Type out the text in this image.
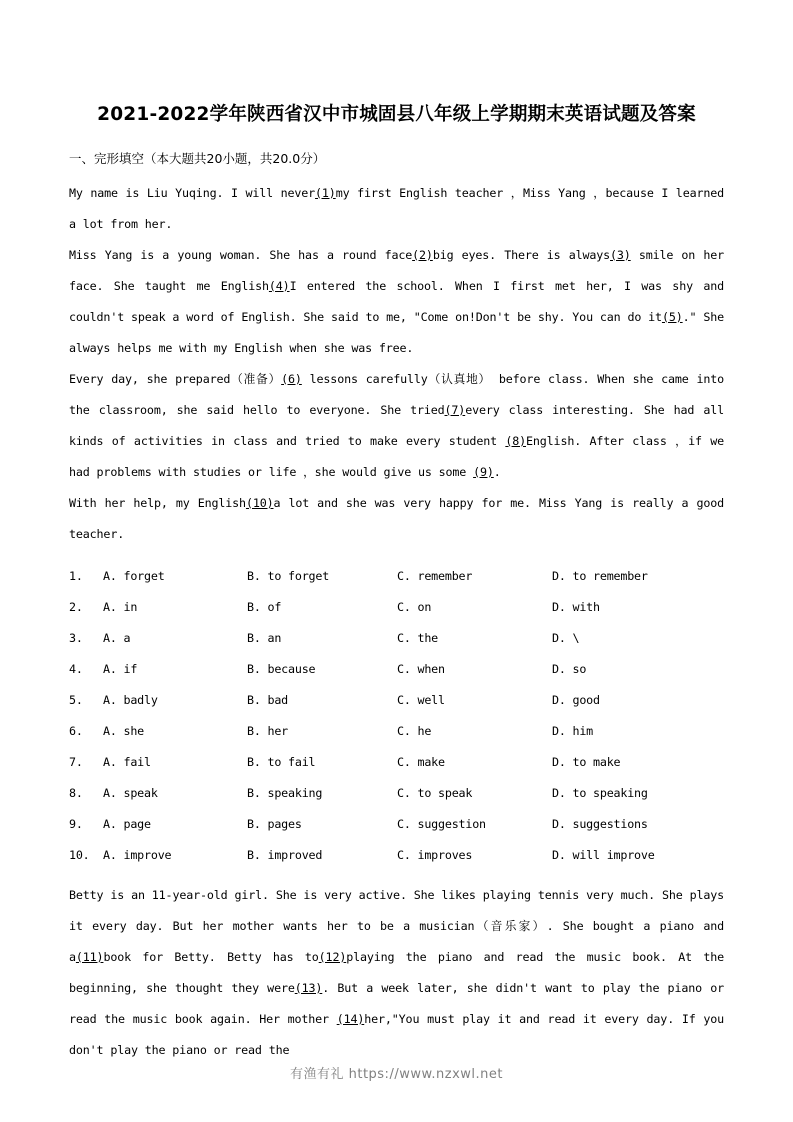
2021-2022学年陕西省汉中市城固县八年级上学期期末英语试题及答案
一、完形填空（本大题共20小题，共20.0分）

My name is Liu Yuqing. I will never(1)my first English teacher ，Miss Yang ，because I learned a lot from her.

Miss Yang is a young woman. She has a round face(2)big eyes. There is always(3) smile on her face. She taught me English(4)I entered the school. When I first met her, I was shy and couldn't speak a word of English. She said to me, "Come on!Don't be shy. You can do it(5)." She always helps me with my English when she was free.

Every day, she prepared（准备）(6) lessons carefully（认真地） before class. When she came into the classroom, she said hello to everyone. She tried(7)every class interesting. She had all kinds of activities in class and tried to make every student (8)English. After class ，if we had problems with studies or life ，she would give us some (9).

With her help, my English(10)a lot and she was very happy for me. Miss Yang is really a good teacher.

1.	A. forget	B. to forget	C. remember	D. to remember
2.	A. in	B. of	C. on	D. with
3.	A. a	B. an	C. the	D. \
4.	A. if	B. because	C. when	D. so
5.	A. badly	B. bad	C. well	D. good
6.	A. she	B. her	C. he	D. him
7.	A. fail	B. to fail	C. make	D. to make
8.	A. speak	B. speaking	C. to speak	D. to speaking
9.	A. page	B. pages	C. suggestion	D. suggestions
10.	A. improve	B. improved	C. improves	D. will improve

Betty is an 11-year-old girl. She is very active. She likes playing tennis very much. She plays it every day. But her mother wants her to be a musician（音乐家）. She bought a piano and a(11)book for Betty. Betty has to(12)playing the piano and read the music book. At the beginning, she thought they were(13). But a week later, she didn't want to play the piano or read the music book again. Her mother (14)her,"You must play it and read it every day. If you don't play the piano or read the

有渔有礼 https://www.nzxwl.net
